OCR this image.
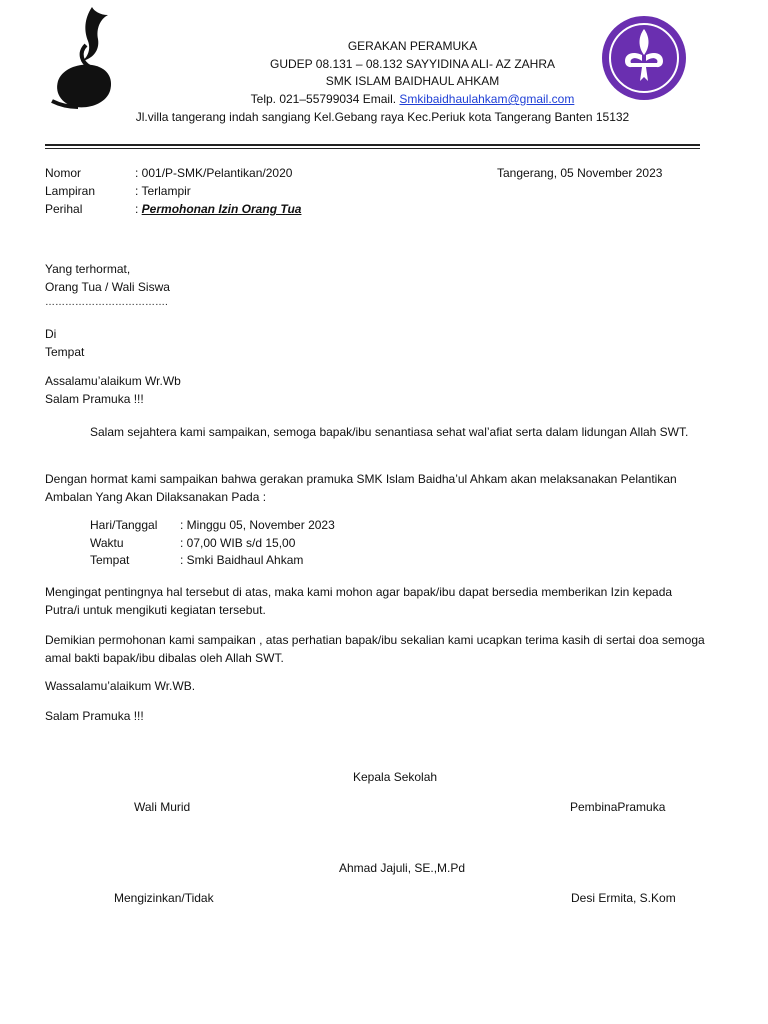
GERAKAN PERAMUKA
GUDEP 08.131 – 08.132 SAYYIDINA ALI- AZ ZAHRA
SMK ISLAM BAIDHAUL AHKAM
Telp. 021–55799034 Email. Smkibaidhaulahkam@gmail.com
Jl.villa tangerang indah sangiang Kel.Gebang raya Kec.Periuk kota Tangerang Banten 15132
Nomor	: 001/P-SMK/Pelantikan/2020	Tangerang, 05 November 2023
Lampiran	: Terlampir
Perihal	: Permohonan Izin Orang Tua
Yang terhormat,
Orang Tua / Wali Siswa
……………………………….
Di
Tempat
Assalamu’alaikum Wr.Wb
Salam Pramuka !!!
Salam sejahtera kami sampaikan, semoga bapak/ibu senantiasa sehat wal’afiat serta dalam lidungan Allah SWT.
Dengan hormat kami sampaikan bahwa gerakan pramuka SMK Islam Baidha’ul Ahkam akan melaksanakan Pelantikan Ambalan Yang Akan Dilaksanakan Pada :
Hari/Tanggal : Minggu 05, November 2023
Waktu	: 07,00 WIB s/d 15,00
Tempat	: Smki Baidhaul Ahkam
Mengingat pentingnya hal tersebut di atas, maka kami mohon agar bapak/ibu dapat bersedia memberikan Izin kepada Putra/i untuk mengikuti kegiatan tersebut.
Demikian permohonan kami sampaikan , atas perhatian bapak/ibu sekalian kami ucapkan terima kasih di sertai doa semoga amal bakti bapak/ibu dibalas oleh Allah SWT.
Wassalamu’alaikum Wr.WB.
Salam Pramuka !!!
Kepala Sekolah
Wali Murid	PembinaPramuka
Ahmad Jajuli, SE.,M.Pd
Mengizinkan/Tidak	Desi Ermita, S.Kom
